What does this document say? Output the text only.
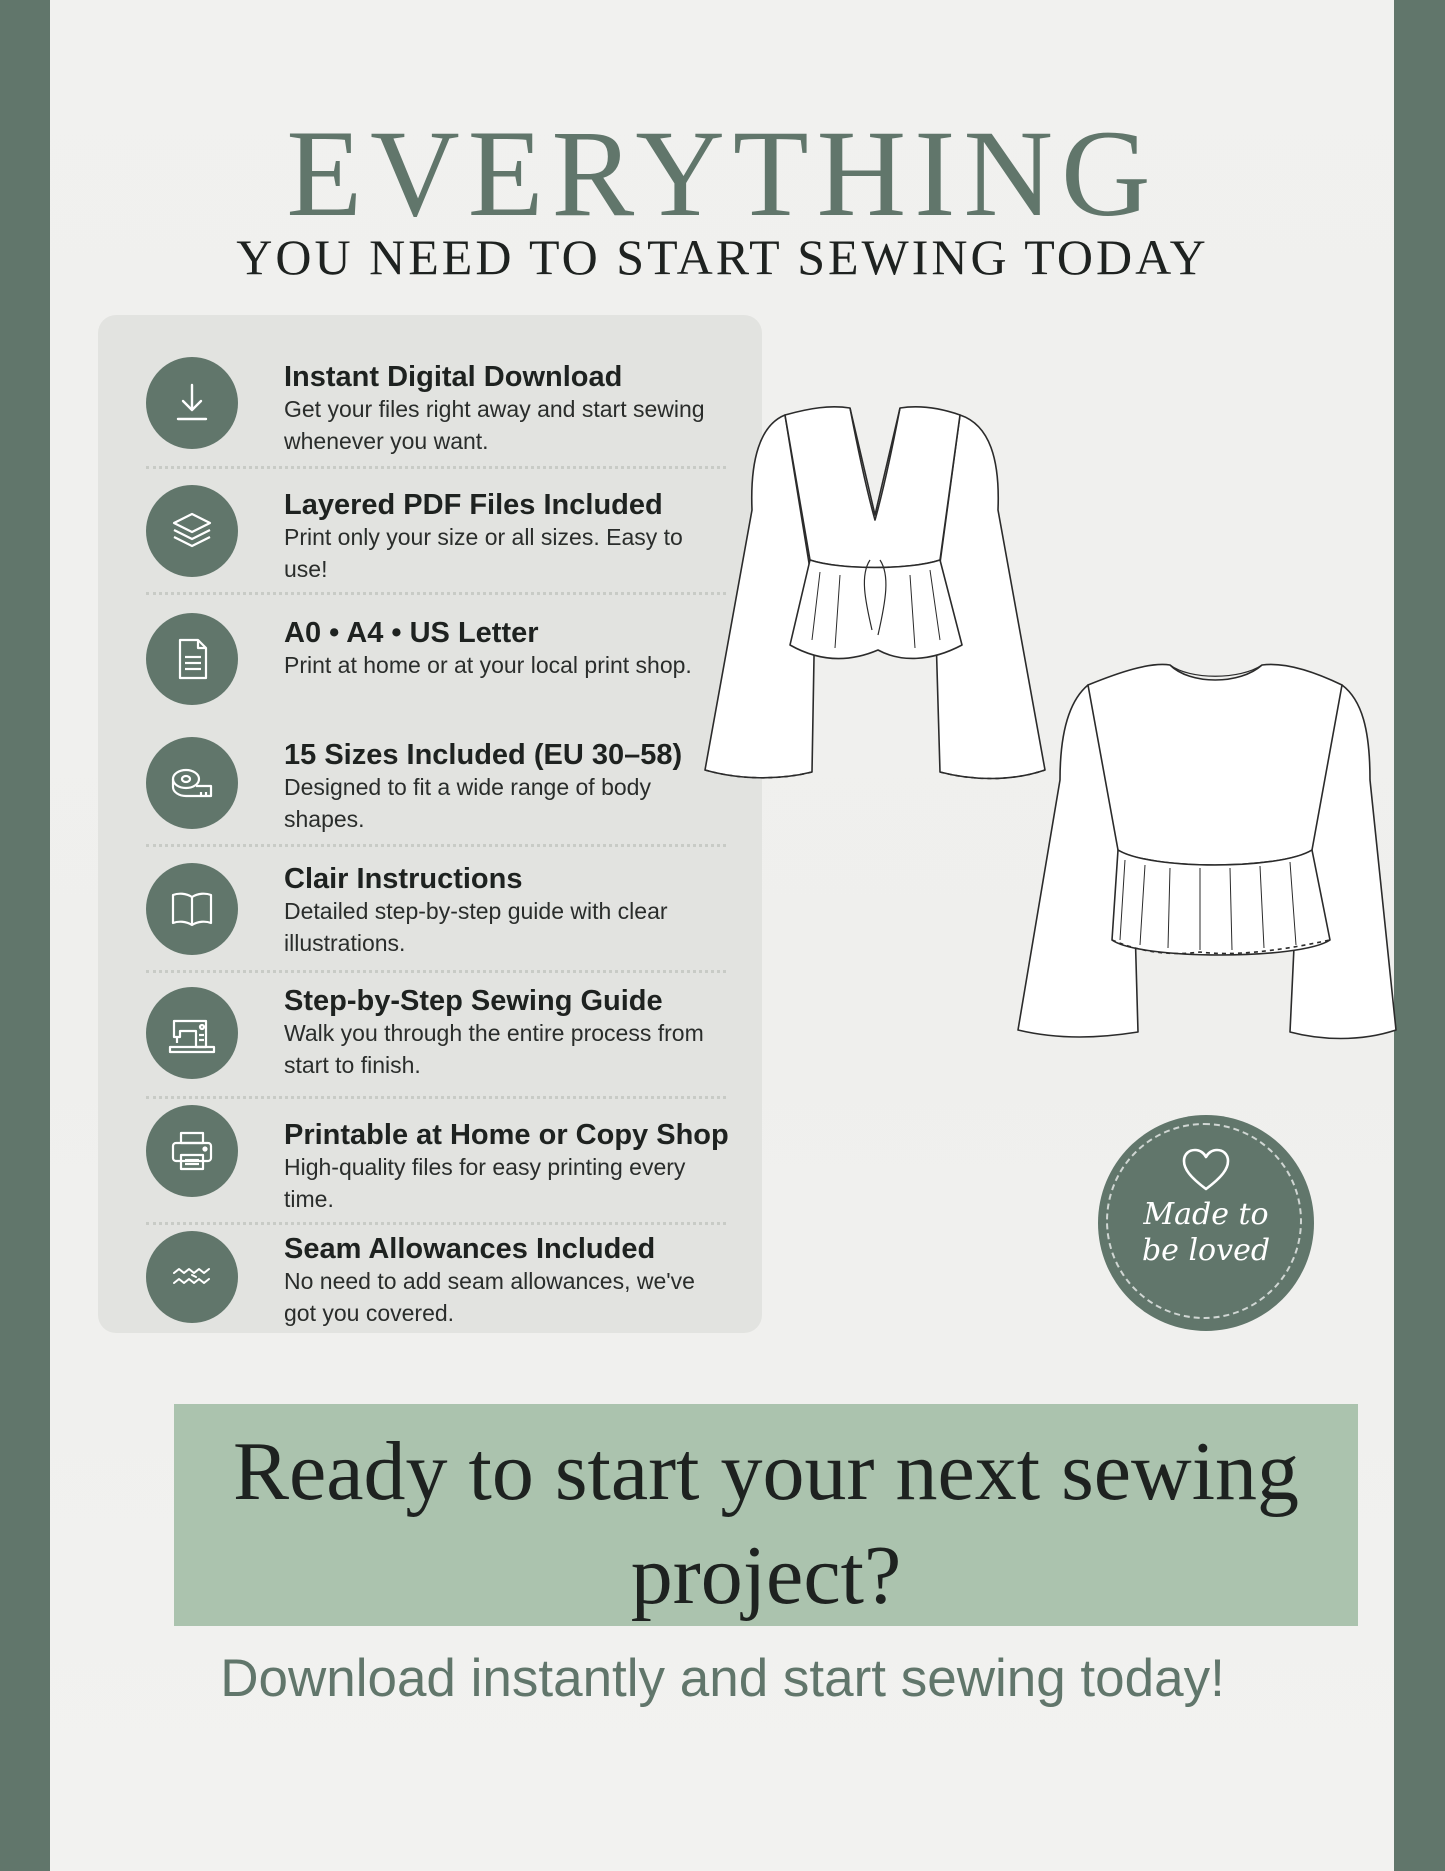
EVERYTHING
YOU NEED TO START SEWING TODAY
Instant Digital Download
Get your files right away and start sewing whenever you want.
Layered PDF Files Included
Print only your size or all sizes. Easy to use!
A0 • A4 • US Letter
Print at home or at your local print shop.
15 Sizes Included (EU 30–58)
Designed to fit a wide range of body shapes.
Clair Instructions
Detailed step-by-step guide with clear illustrations.
Step-by-Step Sewing Guide
Walk you through the entire process from start to finish.
Printable at Home or Copy Shop
High-quality files for easy printing every time.
Seam Allowances Included
No need to add seam allowances, we've got you covered.
Made to
be loved
Ready to start your next sewing project?
Download instantly and start sewing today!
